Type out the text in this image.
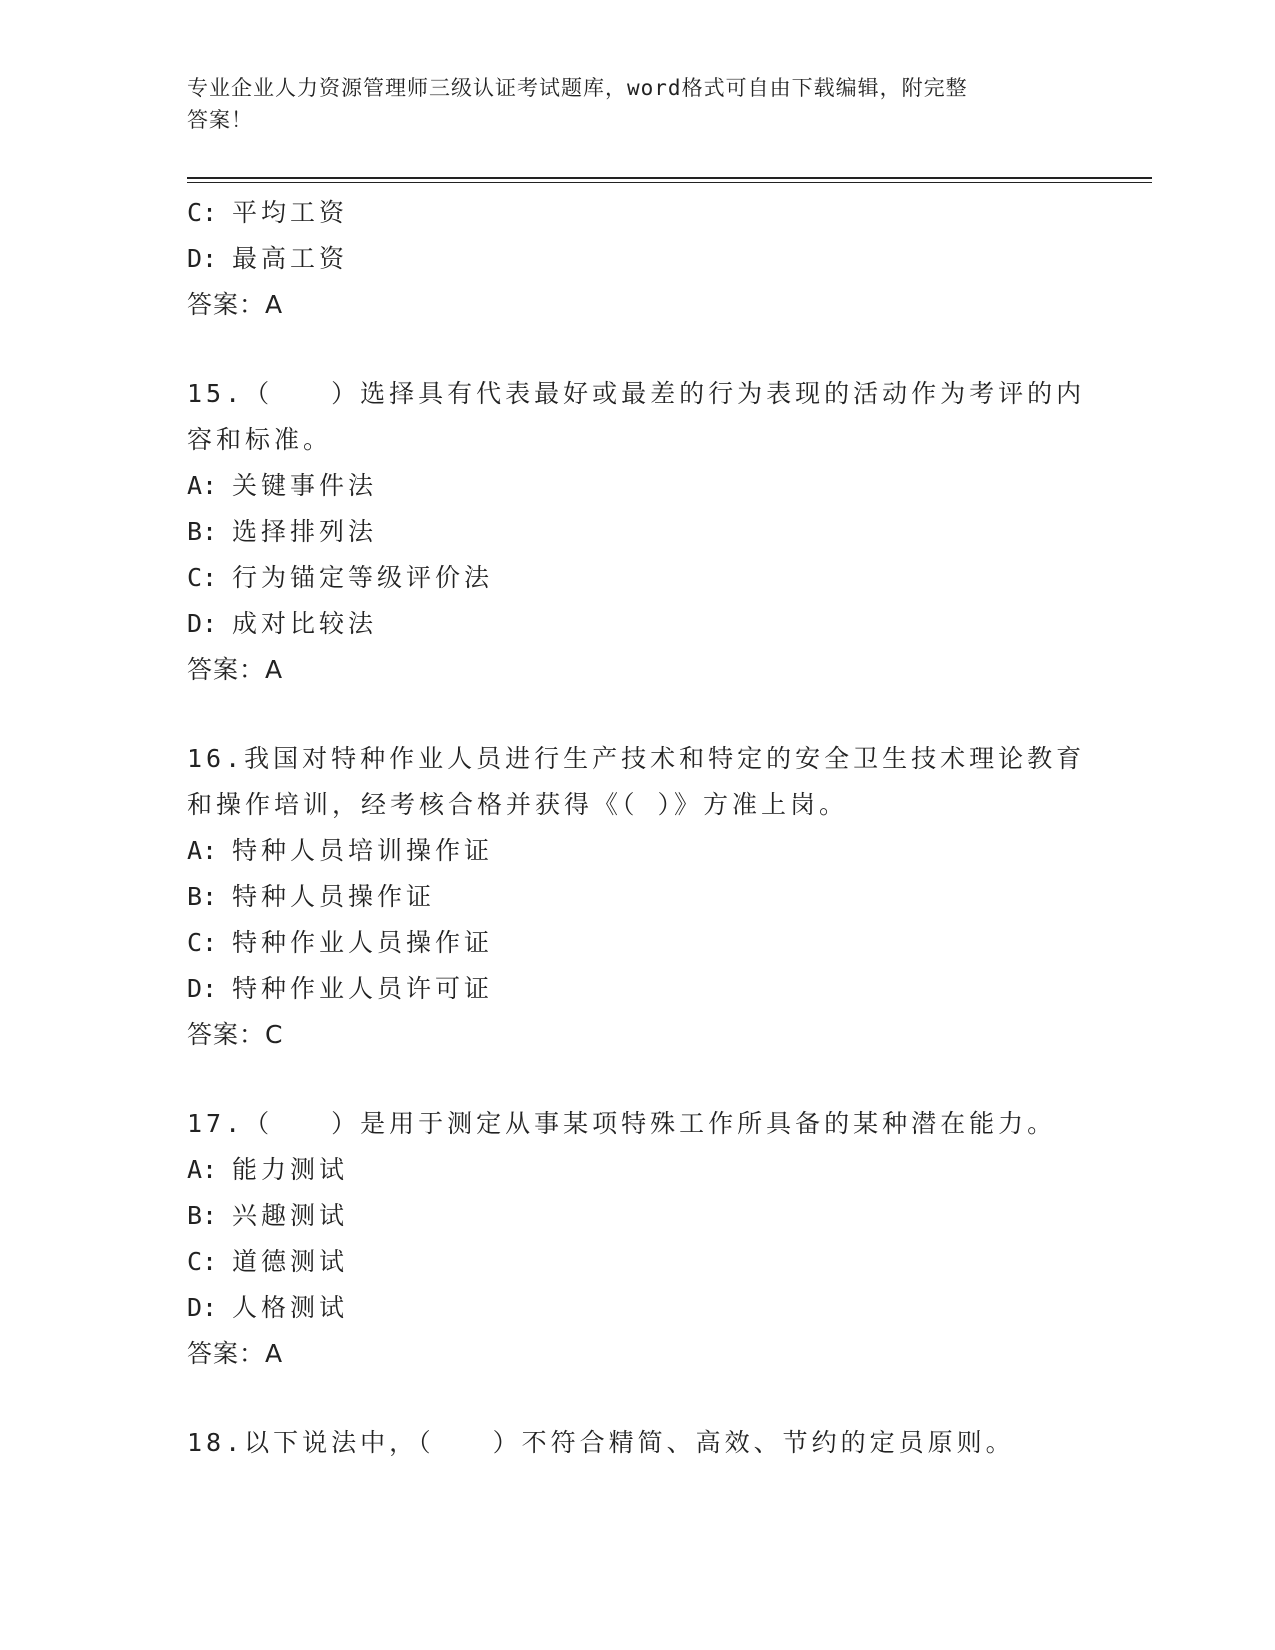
专业企业人力资源管理师三级认证考试题库，word格式可自由下载编辑，附完整
答案！
C: 平均工资
D: 最高工资
答案：A
15.（　　）选择具有代表最好或最差的行为表现的活动作为考评的内
容和标准。
A: 关键事件法
B: 选择排列法
C: 行为锚定等级评价法
D: 成对比较法
答案：A
16.我国对特种作业人员进行生产技术和特定的安全卫生技术理论教育
和操作培训，经考核合格并获得《（ ）》方准上岗。
A: 特种人员培训操作证
B: 特种人员操作证
C: 特种作业人员操作证
D: 特种作业人员许可证
答案：C
17.（　　）是用于测定从事某项特殊工作所具备的某种潜在能力。
A: 能力测试
B: 兴趣测试
C: 道德测试
D: 人格测试
答案：A
18.以下说法中，（　　）不符合精简、高效、节约的定员原则。
